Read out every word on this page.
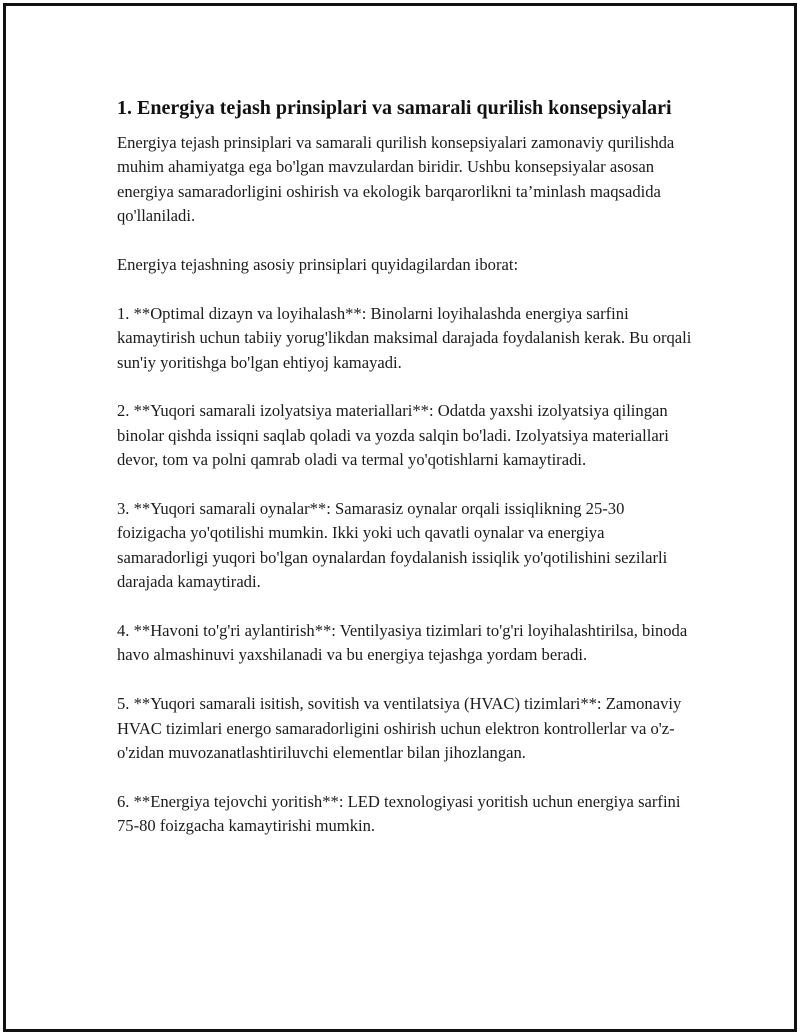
1. Energiya tejash prinsiplari va samarali qurilish konsepsiyalari

Energiya tejash prinsiplari va samarali qurilish konsepsiyalari zamonaviy qurilishda muhim ahamiyatga ega bo'lgan mavzulardan biridir. Ushbu konsepsiyalar asosan energiya samaradorligini oshirish va ekologik barqarorlikni ta’minlash maqsadida qo'llaniladi.

Energiya tejashning asosiy prinsiplari quyidagilardan iborat:

1. **Optimal dizayn va loyihalash**: Binolarni loyihalashda energiya sarfini kamaytirish uchun tabiiy yorug'likdan maksimal darajada foydalanish kerak. Bu orqali sun'iy yoritishga bo'lgan ehtiyoj kamayadi.

2. **Yuqori samarali izolyatsiya materiallari**: Odatda yaxshi izolyatsiya qilingan binolar qishda issiqni saqlab qoladi va yozda salqin bo'ladi. Izolyatsiya materiallari devor, tom va polni qamrab oladi va termal yo'qotishlarni kamaytiradi.

3. **Yuqori samarali oynalar**: Samarasiz oynalar orqali issiqlikning 25-30 foizigacha yo'qotilishi mumkin. Ikki yoki uch qavatli oynalar va energiya samaradorligi yuqori bo'lgan oynalardan foydalanish issiqlik yo'qotilishini sezilarli darajada kamaytiradi.

4. **Havoni to'g'ri aylantirish**: Ventilyasiya tizimlari to'g'ri loyihalashtirilsa, binoda havo almashinuvi yaxshilanadi va bu energiya tejashga yordam beradi.

5. **Yuqori samarali isitish, sovitish va ventilatsiya (HVAC) tizimlari**: Zamonaviy HVAC tizimlari energo samaradorligini oshirish uchun elektron kontrollerlar va o'z-o'zidan muvozanatlashtiriluvchi elementlar bilan jihozlangan.

6. **Energiya tejovchi yoritish**: LED texnologiyasi yoritish uchun energiya sarfini 75-80 foizgacha kamaytirishi mumkin.
